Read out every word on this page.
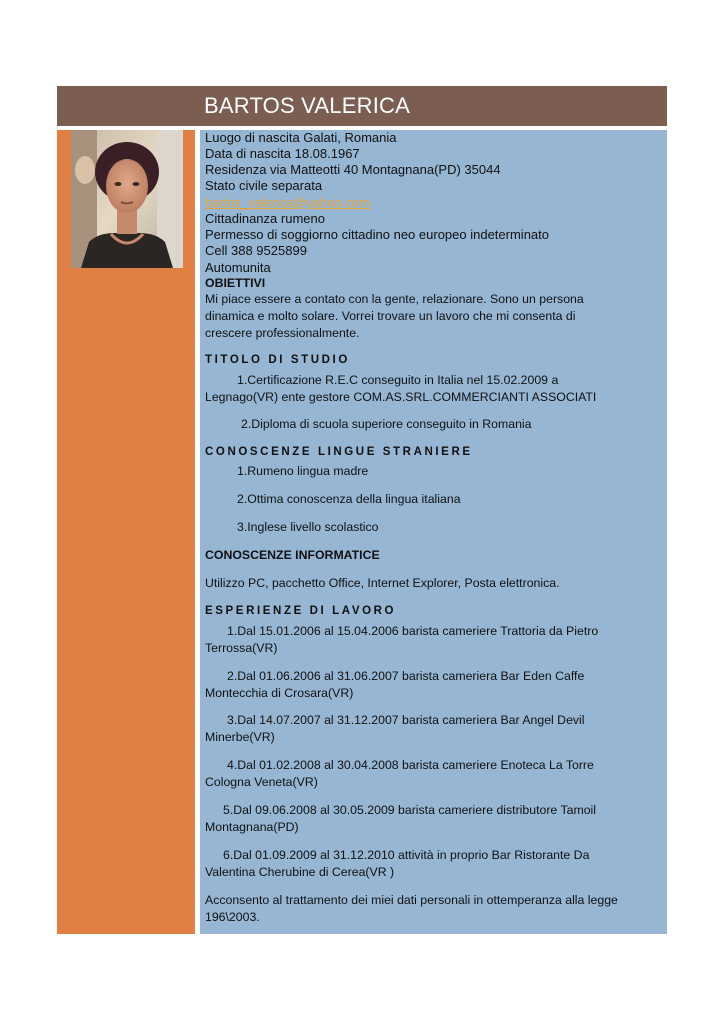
BARTOS VALERICA
Luogo di nascita Galati, Romania
Data di nascita 18.08.1967
Residenza via Matteotti 40 Montagnana(PD) 35044
Stato civile separata
bartos_valerica@yahoo.com
Cittadinanza rumeno
Permesso di soggiorno cittadino neo europeo indeterminato
Cell 388 9525899
Automunita
OBIETTIVI
Mi piace essere a contato con la gente, relazionare. Sono un persona
dinamica e molto solare. Vorrei trovare un lavoro che mi consenta di
crescere professionalmente.
TITOLO DI STUDIO
1.Certificazione R.E.C conseguito in Italia nel 15.02.2009 a
Legnago(VR) ente gestore COM.AS.SRL.COMMERCIANTI ASSOCIATI
2.Diploma di scuola superiore conseguito in Romania
CONOSCENZE LINGUE STRANIERE
1.Rumeno lingua madre
2.Ottima conoscenza della lingua italiana
3.Inglese livello scolastico
CONOSCENZE INFORMATICE
Utilizzo PC, pacchetto Office, Internet Explorer, Posta elettronica.
ESPERIENZE DI LAVORO
1.Dal 15.01.2006 al 15.04.2006 barista cameriere Trattoria da Pietro
Terrossa(VR)
2.Dal 01.06.2006 al 31.06.2007 barista cameriera Bar Eden Caffe
Montecchia di Crosara(VR)
3.Dal 14.07.2007 al 31.12.2007 barista cameriera Bar Angel Devil
Minerbe(VR)
4.Dal 01.02.2008 al 30.04.2008 barista cameriere Enoteca La Torre
Cologna Veneta(VR)
5.Dal 09.06.2008 al 30.05.2009 barista cameriere distributore Tamoil
Montagnana(PD)
6.Dal 01.09.2009 al 31.12.2010 attività in proprio Bar Ristorante Da
Valentina Cherubine di Cerea(VR )
Acconsento al trattamento dei miei dati personali in ottemperanza alla legge
196\2003.
